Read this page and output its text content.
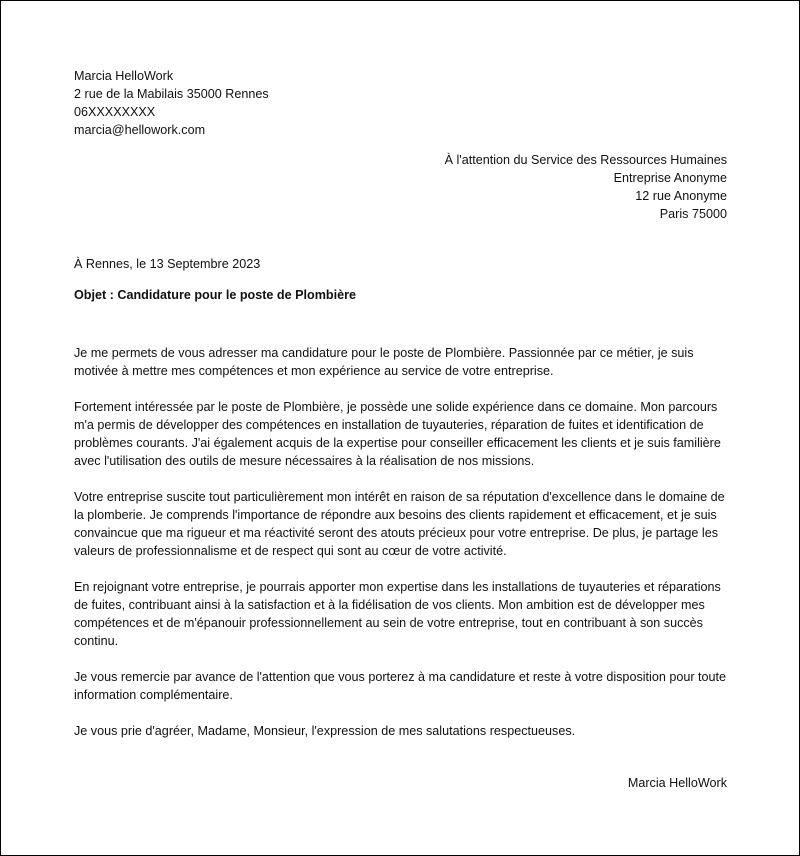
Marcia HelloWork
2 rue de la Mabilais 35000 Rennes
06XXXXXXXX
marcia@hellowork.com
À l'attention du Service des Ressources Humaines
Entreprise Anonyme
12 rue Anonyme
Paris 75000
À Rennes, le 13 Septembre 2023
Objet : Candidature pour le poste de Plombière

Je me permets de vous adresser ma candidature pour le poste de Plombière. Passionnée par ce métier, je suis motivée à mettre mes compétences et mon expérience au service de votre entreprise.

Fortement intéressée par le poste de Plombière, je possède une solide expérience dans ce domaine. Mon parcours m'a permis de développer des compétences en installation de tuyauteries, réparation de fuites et identification de problèmes courants. J'ai également acquis de la expertise pour conseiller efficacement les clients et je suis familière avec l'utilisation des outils de mesure nécessaires à la réalisation de nos missions.

Votre entreprise suscite tout particulièrement mon intérêt en raison de sa réputation d'excellence dans le domaine de la plomberie. Je comprends l'importance de répondre aux besoins des clients rapidement et efficacement, et je suis convaincue que ma rigueur et ma réactivité seront des atouts précieux pour votre entreprise. De plus, je partage les valeurs de professionnalisme et de respect qui sont au cœur de votre activité.

En rejoignant votre entreprise, je pourrais apporter mon expertise dans les installations de tuyauteries et réparations de fuites, contribuant ainsi à la satisfaction et à la fidélisation de vos clients. Mon ambition est de développer mes compétences et de m'épanouir professionnellement au sein de votre entreprise, tout en contribuant à son succès continu.

Je vous remercie par avance de l'attention que vous porterez à ma candidature et reste à votre disposition pour toute information complémentaire.

Je vous prie d'agréer, Madame, Monsieur, l'expression de mes salutations respectueuses.

Marcia HelloWork
